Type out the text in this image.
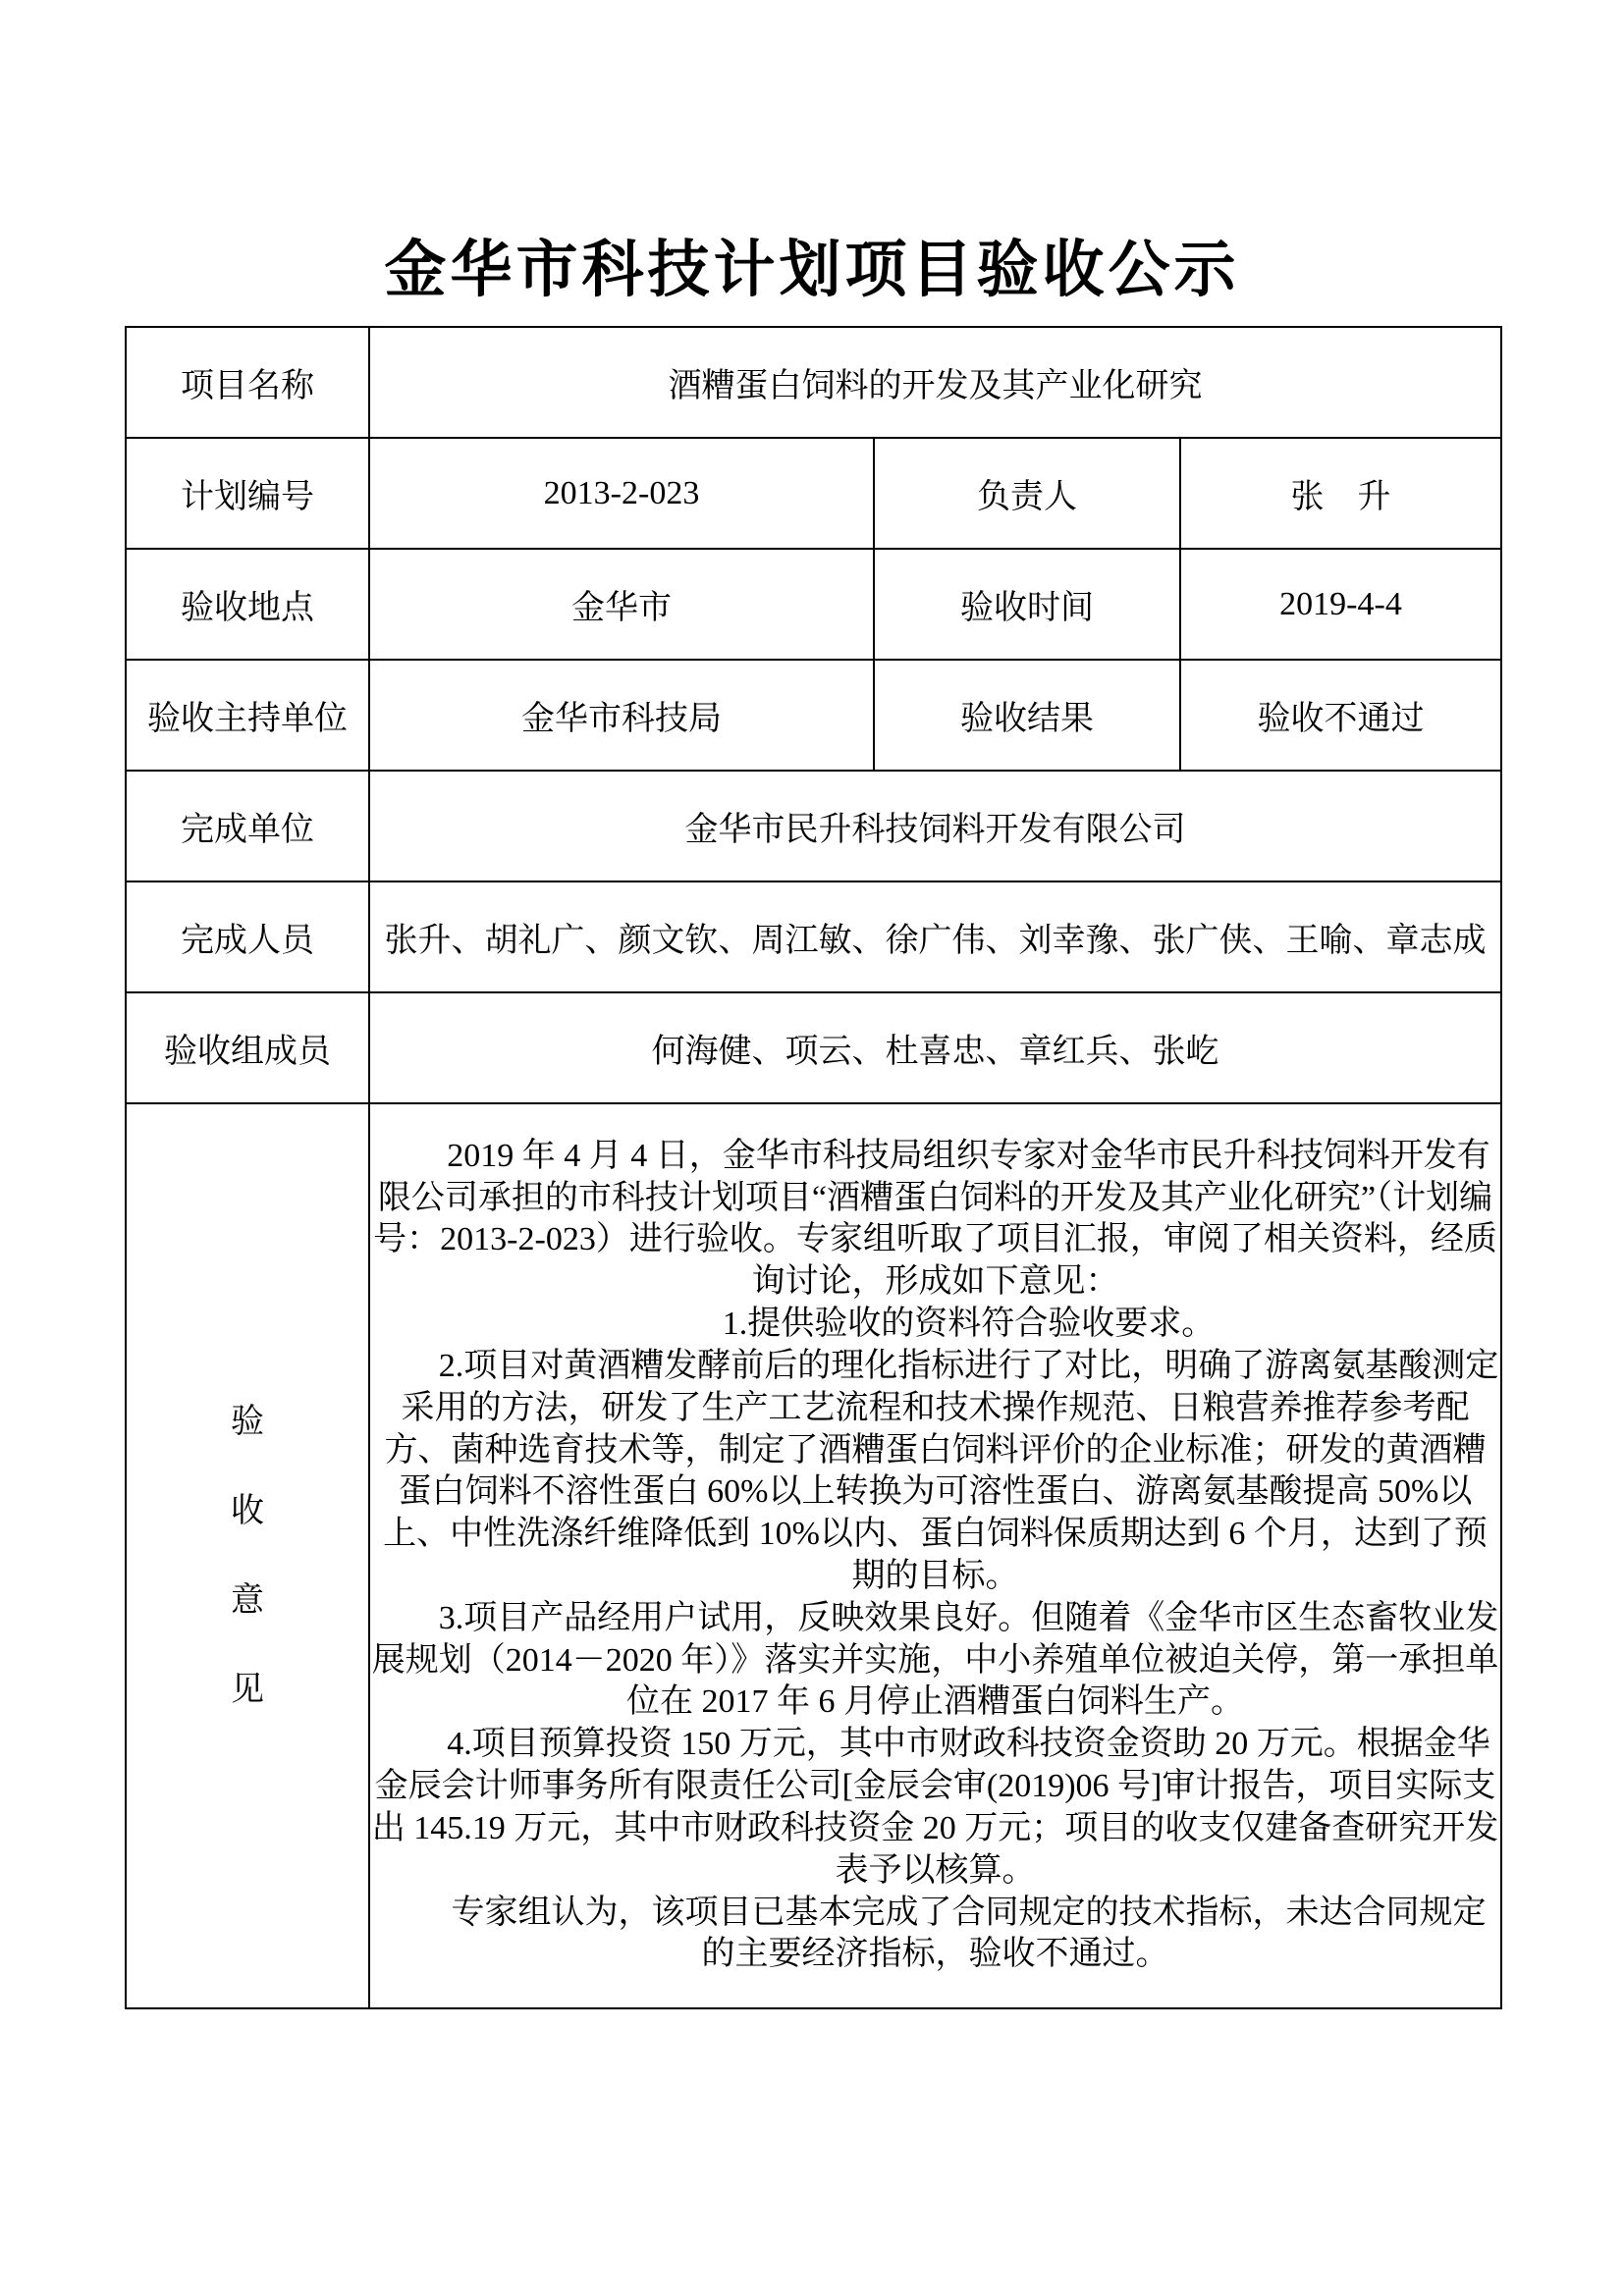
金华市科技计划项目验收公示
项目名称	酒糟蛋白饲料的开发及其产业化研究		
计划编号	2013-2-023	负责人	张　升
验收地点	金华市	验收时间	2019-4-4
验收主持单位	金华市科技局	验收结果	验收不通过
完成单位	金华市民升科技饲料开发有限公司		
完成人员	张升、胡礼广、颜文钦、周江敏、徐广伟、刘幸豫、张广侠、王喻、章志成		
验收组成员	何海健、项云、杜喜忠、章红兵、张屹		

验
收
意
见

2019 年 4 月 4 日，金华市科技局组织专家对金华市民升科技饲料开发有限公司承担的市科技计划项目“酒糟蛋白饲料的开发及其产业化研究”（计划编号：2013-2-023）进行验收。专家组听取了项目汇报，审阅了相关资料，经质询讨论，形成如下意见：

1.提供验收的资料符合验收要求。

2.项目对黄酒糟发酵前后的理化指标进行了对比，明确了游离氨基酸测定采用的方法，研发了生产工艺流程和技术操作规范、日粮营养推荐参考配方、菌种选育技术等，制定了酒糟蛋白饲料评价的企业标准；研发的黄酒糟蛋白饲料不溶性蛋白 60%以上转换为可溶性蛋白、游离氨基酸提高 50%以上、中性洗涤纤维降低到 10%以内、蛋白饲料保质期达到 6 个月，达到了预期的目标。

3.项目产品经用户试用，反映效果良好。但随着《金华市区生态畜牧业发展规划（2014－2020 年）》落实并实施，中小养殖单位被迫关停，第一承担单位在 2017 年 6 月停止酒糟蛋白饲料生产。

4.项目预算投资 150 万元，其中市财政科技资金资助 20 万元。根据金华金辰会计师事务所有限责任公司[金辰会审(2019)06 号]审计报告，项目实际支出 145.19 万元，其中市财政科技资金 20 万元；项目的收支仅建备查研究开发表予以核算。

专家组认为，该项目已基本完成了合同规定的技术指标，未达合同规定的主要经济指标，验收不通过。
